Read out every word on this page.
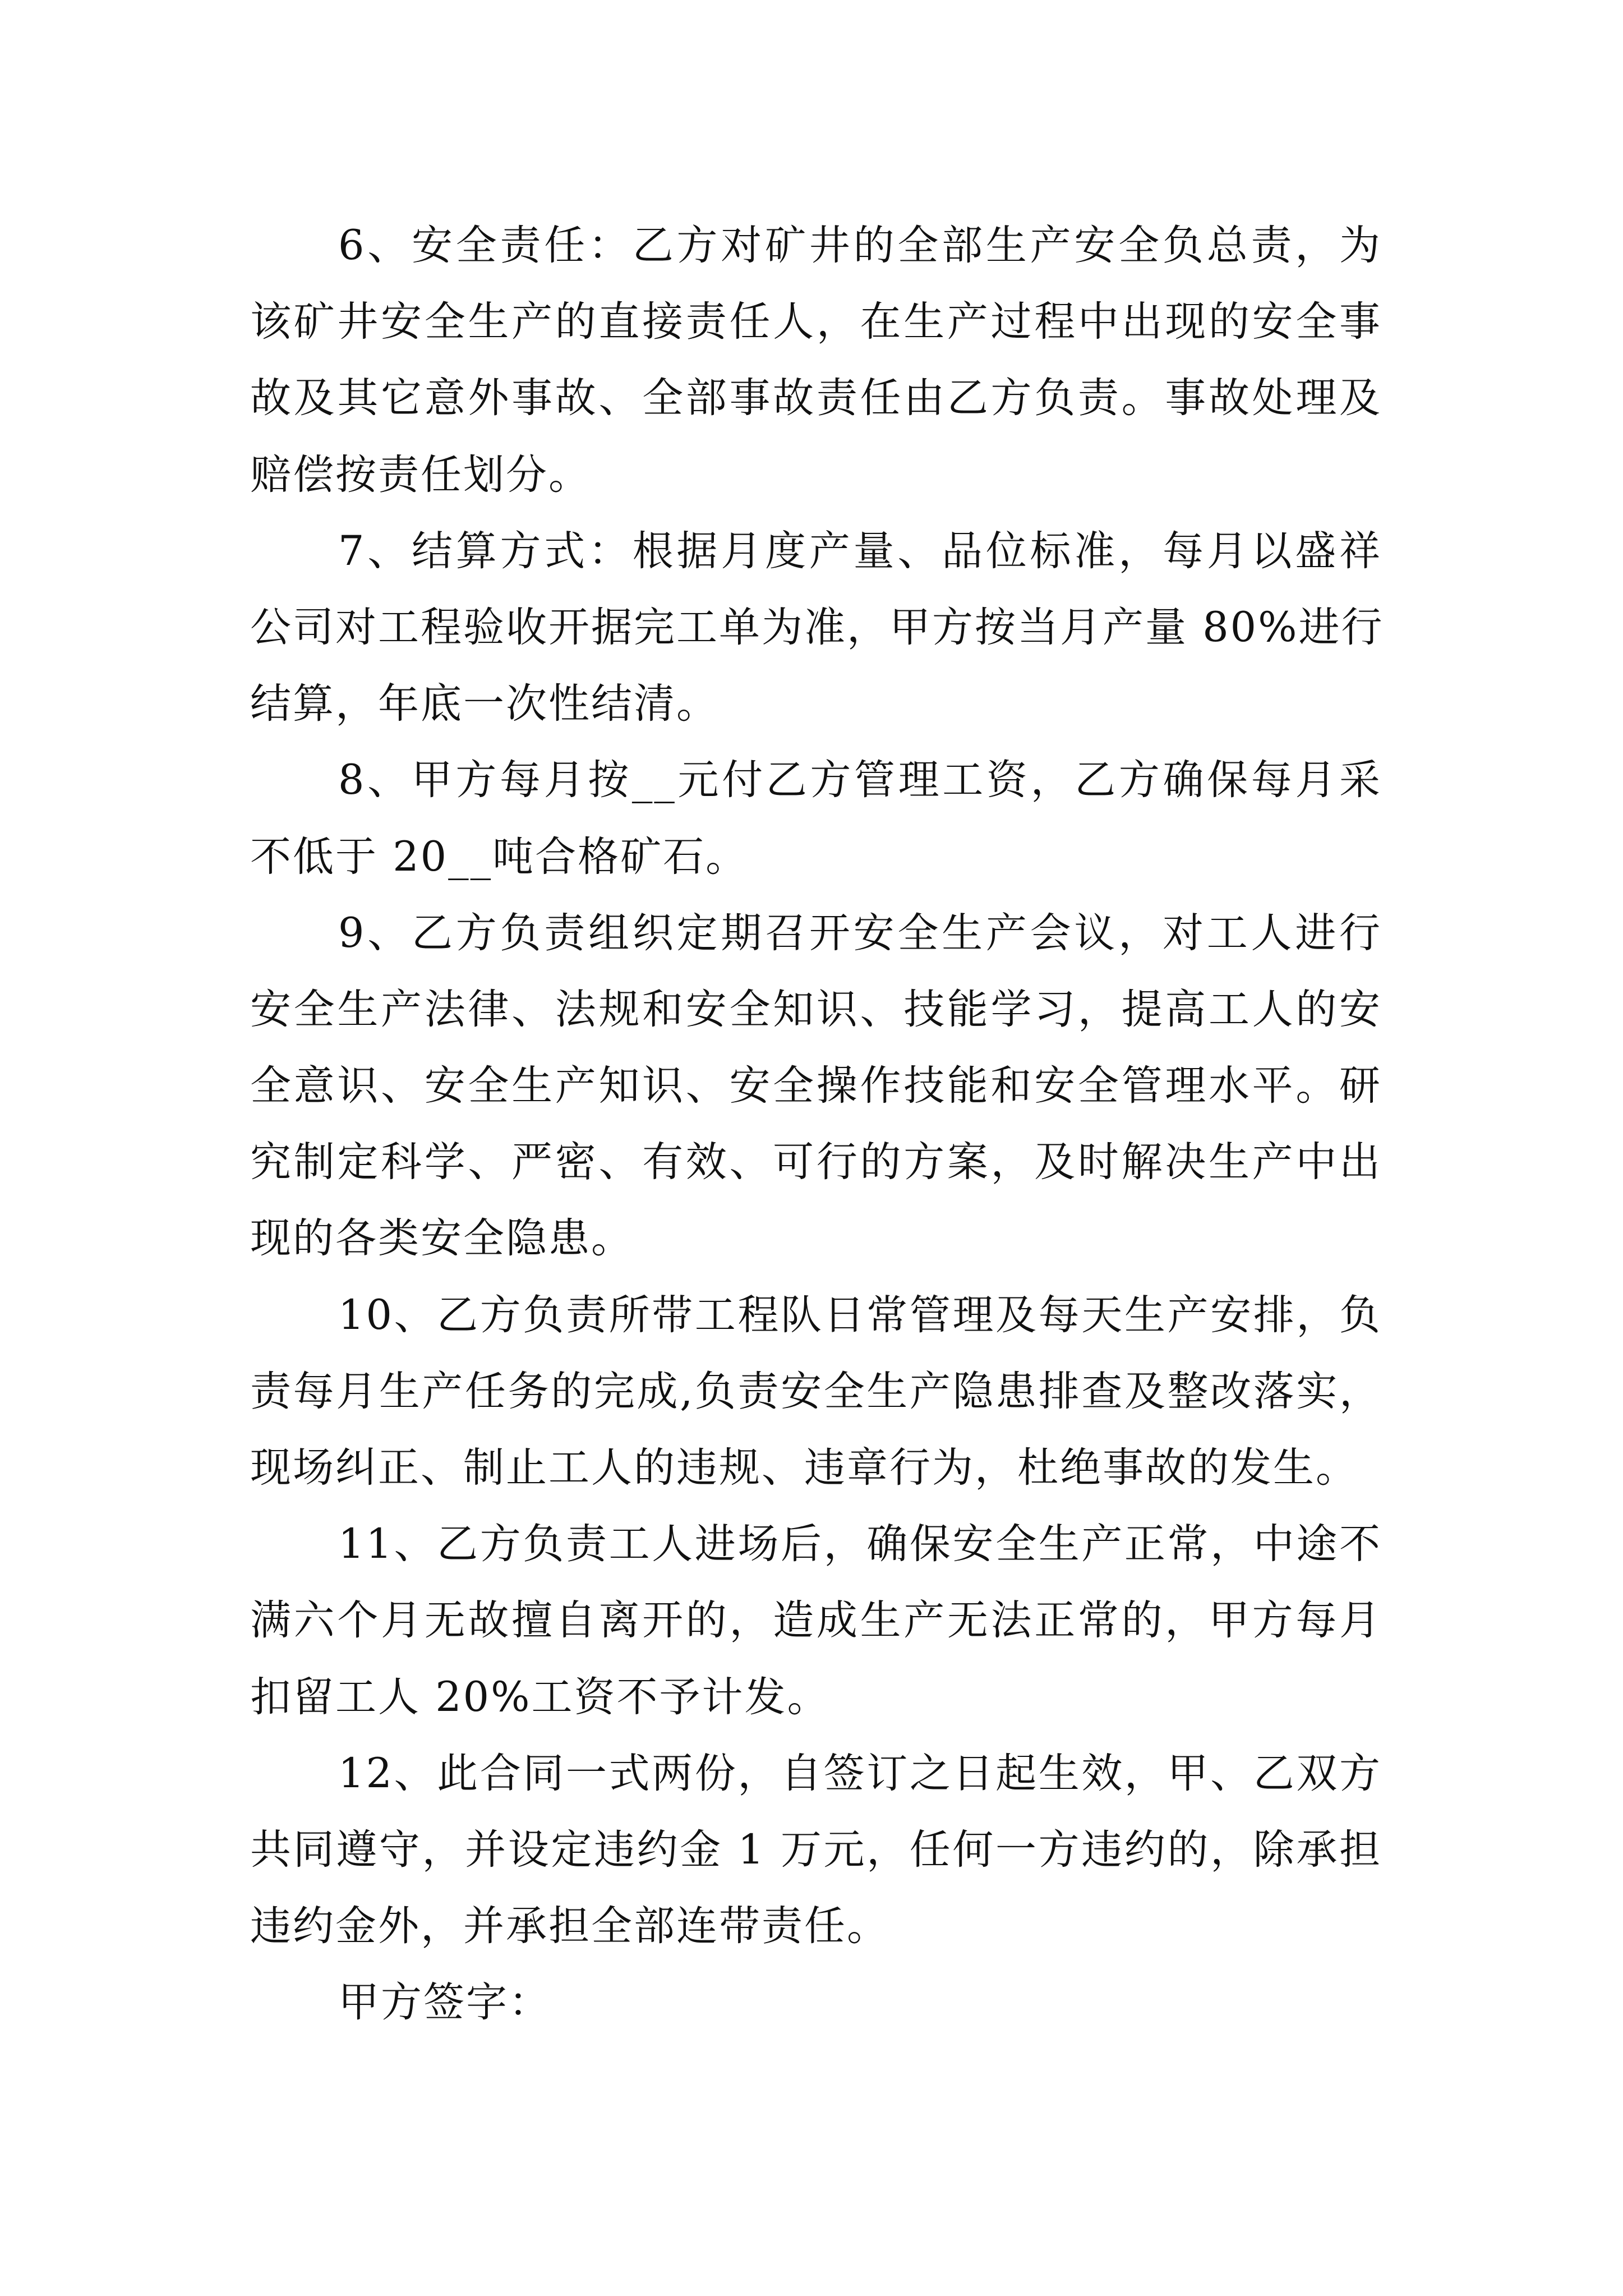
6、安全责任：乙方对矿井的全部生产安全负总责，为
该矿井安全生产的直接责任人，在生产过程中出现的安全事
故及其它意外事故、全部事故责任由乙方负责。事故处理及
赔偿按责任划分。
7、结算方式：根据月度产量、品位标准，每月以盛祥
公司对工程验收开据完工单为准，甲方按当月产量 80%进行
结算，年底一次性结清。
8、甲方每月按__元付乙方管理工资，乙方确保每月采
不低于 20__吨合格矿石。
9、乙方负责组织定期召开安全生产会议，对工人进行
安全生产法律、法规和安全知识、技能学习，提高工人的安
全意识、安全生产知识、安全操作技能和安全管理水平。研
究制定科学、严密、有效、可行的方案，及时解决生产中出
现的各类安全隐患。
10、乙方负责所带工程队日常管理及每天生产安排，负
责每月生产任务的完成,负责安全生产隐患排查及整改落实，
现场纠正、制止工人的违规、违章行为，杜绝事故的发生。
11、乙方负责工人进场后，确保安全生产正常，中途不
满六个月无故擅自离开的，造成生产无法正常的，甲方每月
扣留工人 20%工资不予计发。
12、此合同一式两份，自签订之日起生效，甲、乙双方
共同遵守，并设定违约金 1 万元，任何一方违约的，除承担
违约金外，并承担全部连带责任。
甲方签字：
